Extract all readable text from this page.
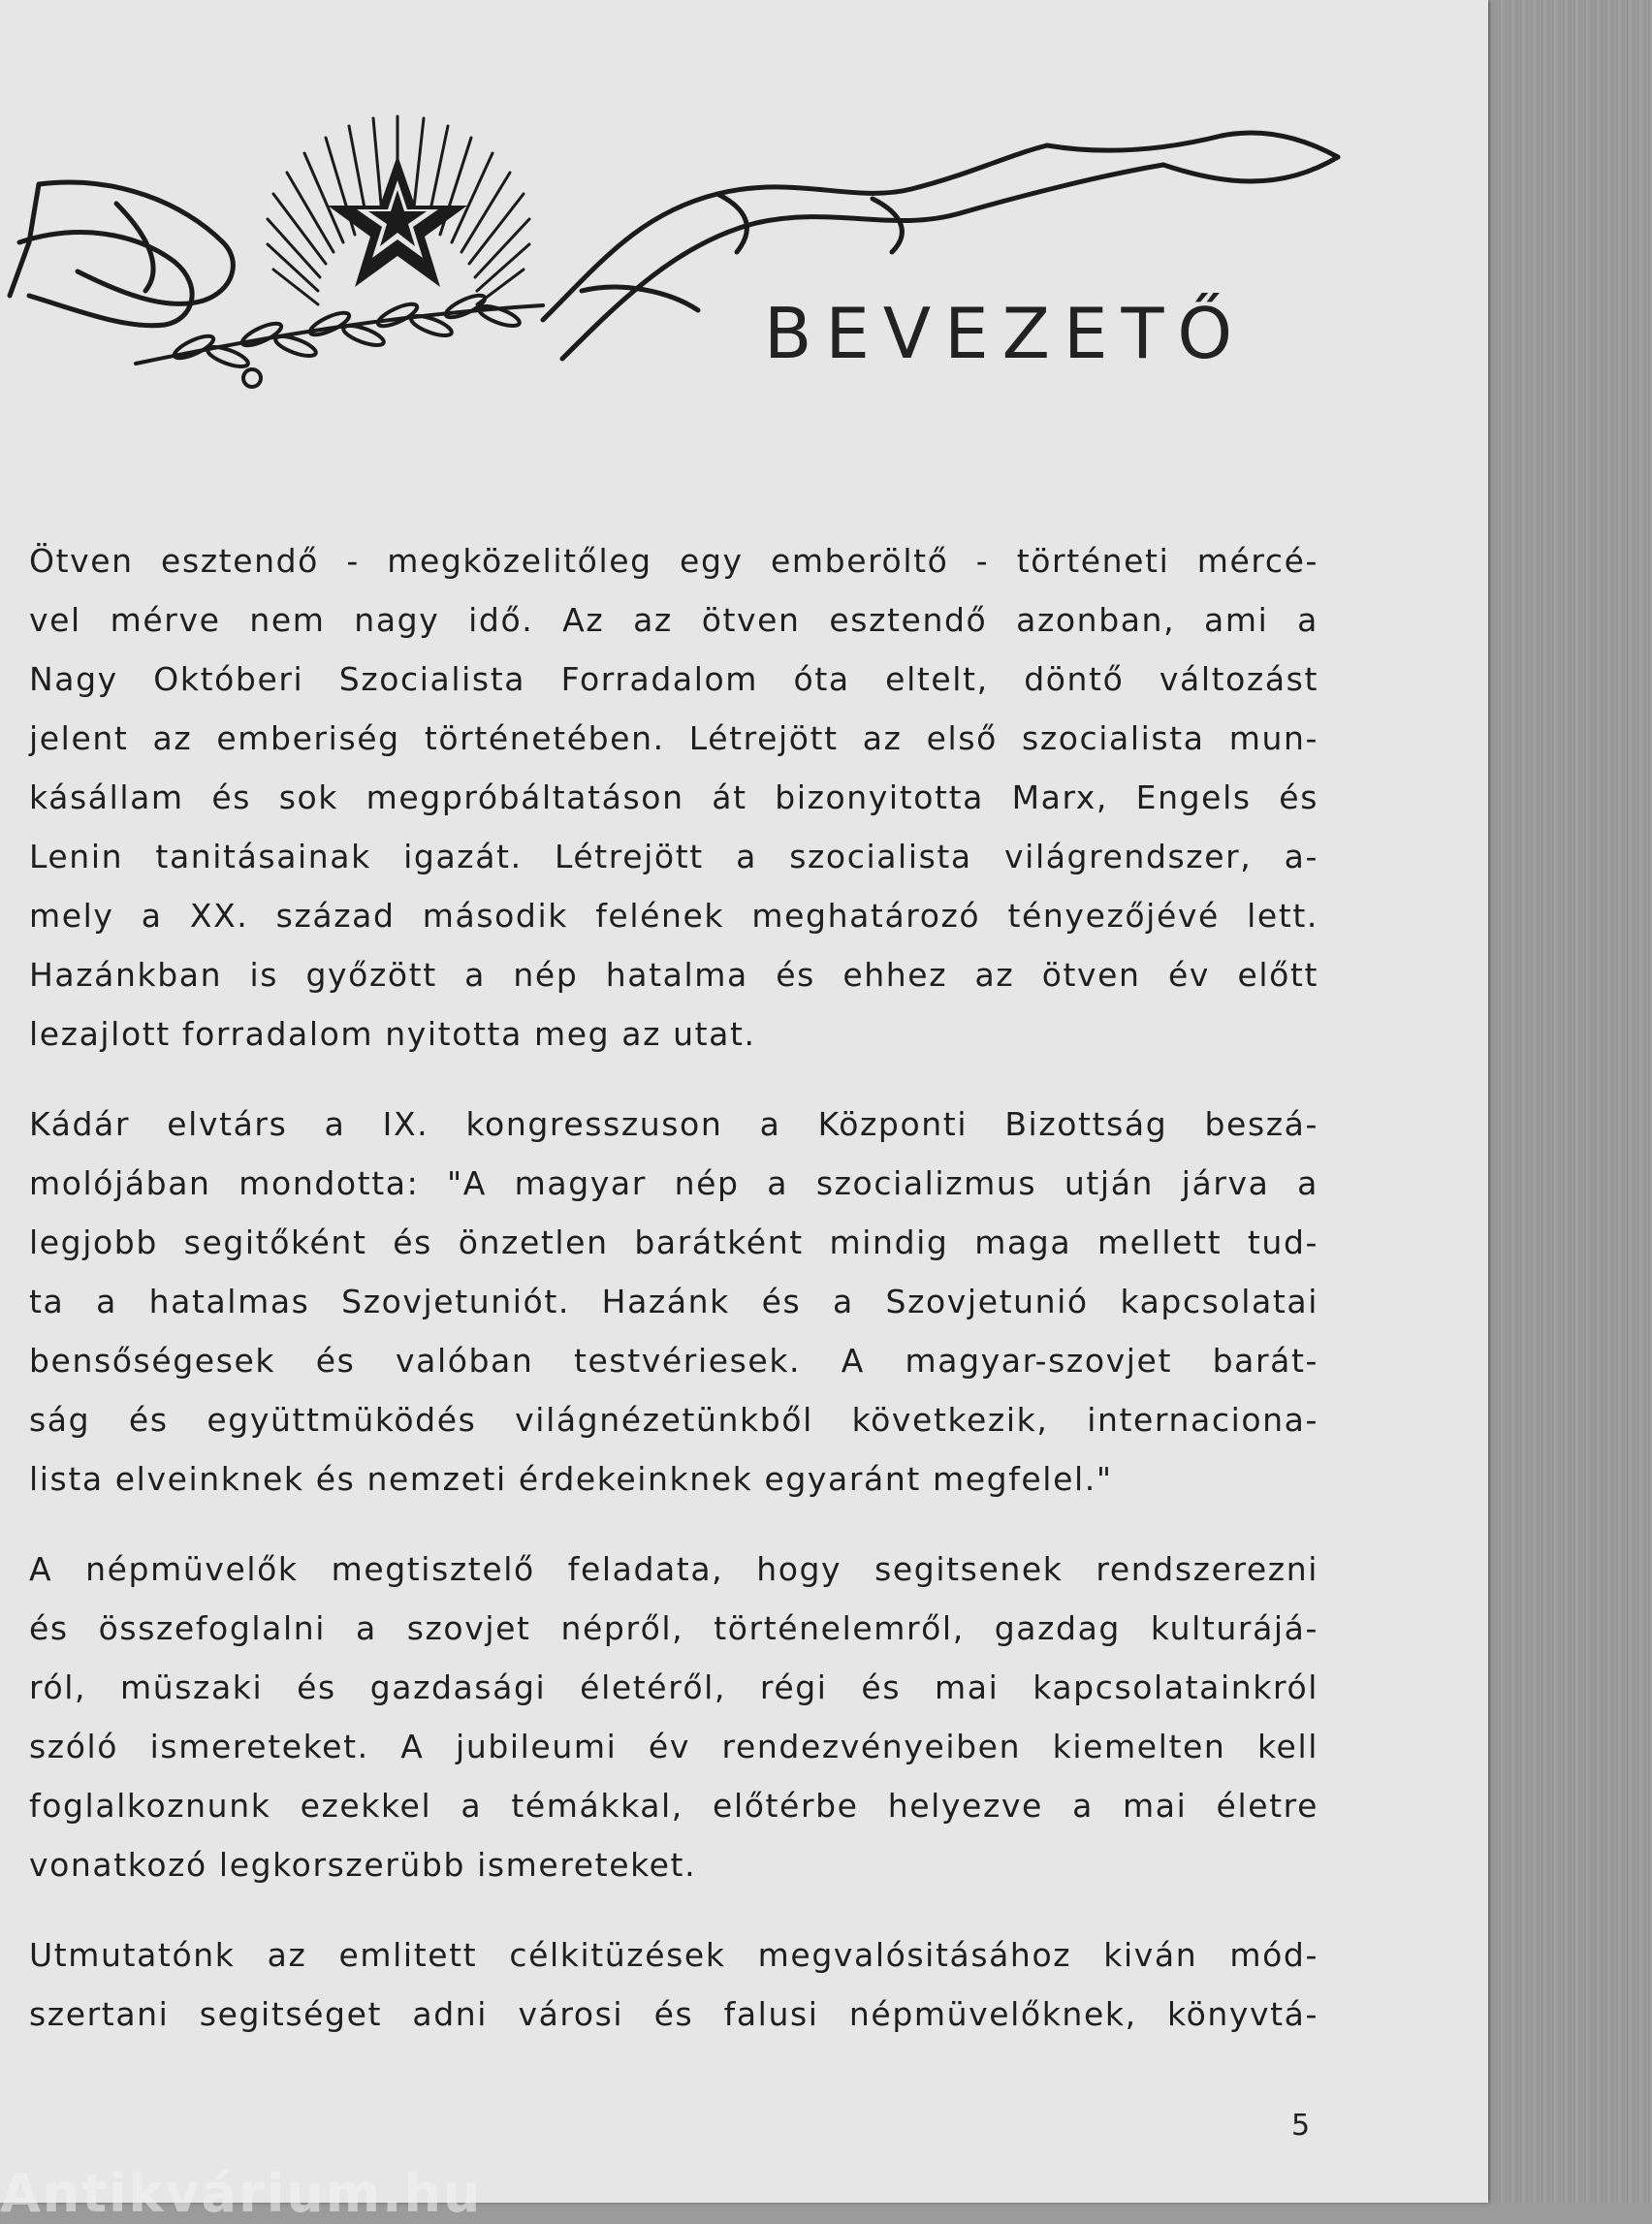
BEVEZETŐ
Ötven esztendő - megközelitőleg egy emberöltő - történeti mércé-
vel mérve nem nagy idő. Az az ötven esztendő azonban, ami a
Nagy Októberi Szocialista Forradalom óta eltelt, döntő változást
jelent az emberiség történetében. Létrejött az első szocialista mun-
kásállam és sok megpróbáltatáson át bizonyitotta Marx, Engels és
Lenin tanitásainak igazát. Létrejött a szocialista világrendszer, a-
mely a XX. század második felének meghatározó tényezőjévé lett.
Hazánkban is győzött a nép hatalma és ehhez az ötven év előtt
lezajlott forradalom nyitotta meg az utat.
Kádár elvtárs a IX. kongresszuson a Központi Bizottság beszá-
molójában mondotta: "A magyar nép a szocializmus utján járva a
legjobb segitőként és önzetlen barátként mindig maga mellett tud-
ta a hatalmas Szovjetuniót. Hazánk és a Szovjetunió kapcsolatai
bensőségesek és valóban testvériesek. A magyar-szovjet barát-
ság és együttmüködés világnézetünkből következik, internaciona-
lista elveinknek és nemzeti érdekeinknek egyaránt megfelel."
A népmüvelők megtisztelő feladata, hogy segitsenek rendszerezni
és összefoglalni a szovjet népről, történelemről, gazdag kulturájá-
ról, müszaki és gazdasági életéről, régi és mai kapcsolatainkról
szóló ismereteket. A jubileumi év rendezvényeiben kiemelten kell
foglalkoznunk ezekkel a témákkal, előtérbe helyezve a mai életre
vonatkozó legkorszerübb ismereteket.
Utmutatónk az emlitett célkitüzések megvalósitásához kiván mód-
szertani segitséget adni városi és falusi népmüvelőknek, könyvtá-
5
Antikvárium.hu
